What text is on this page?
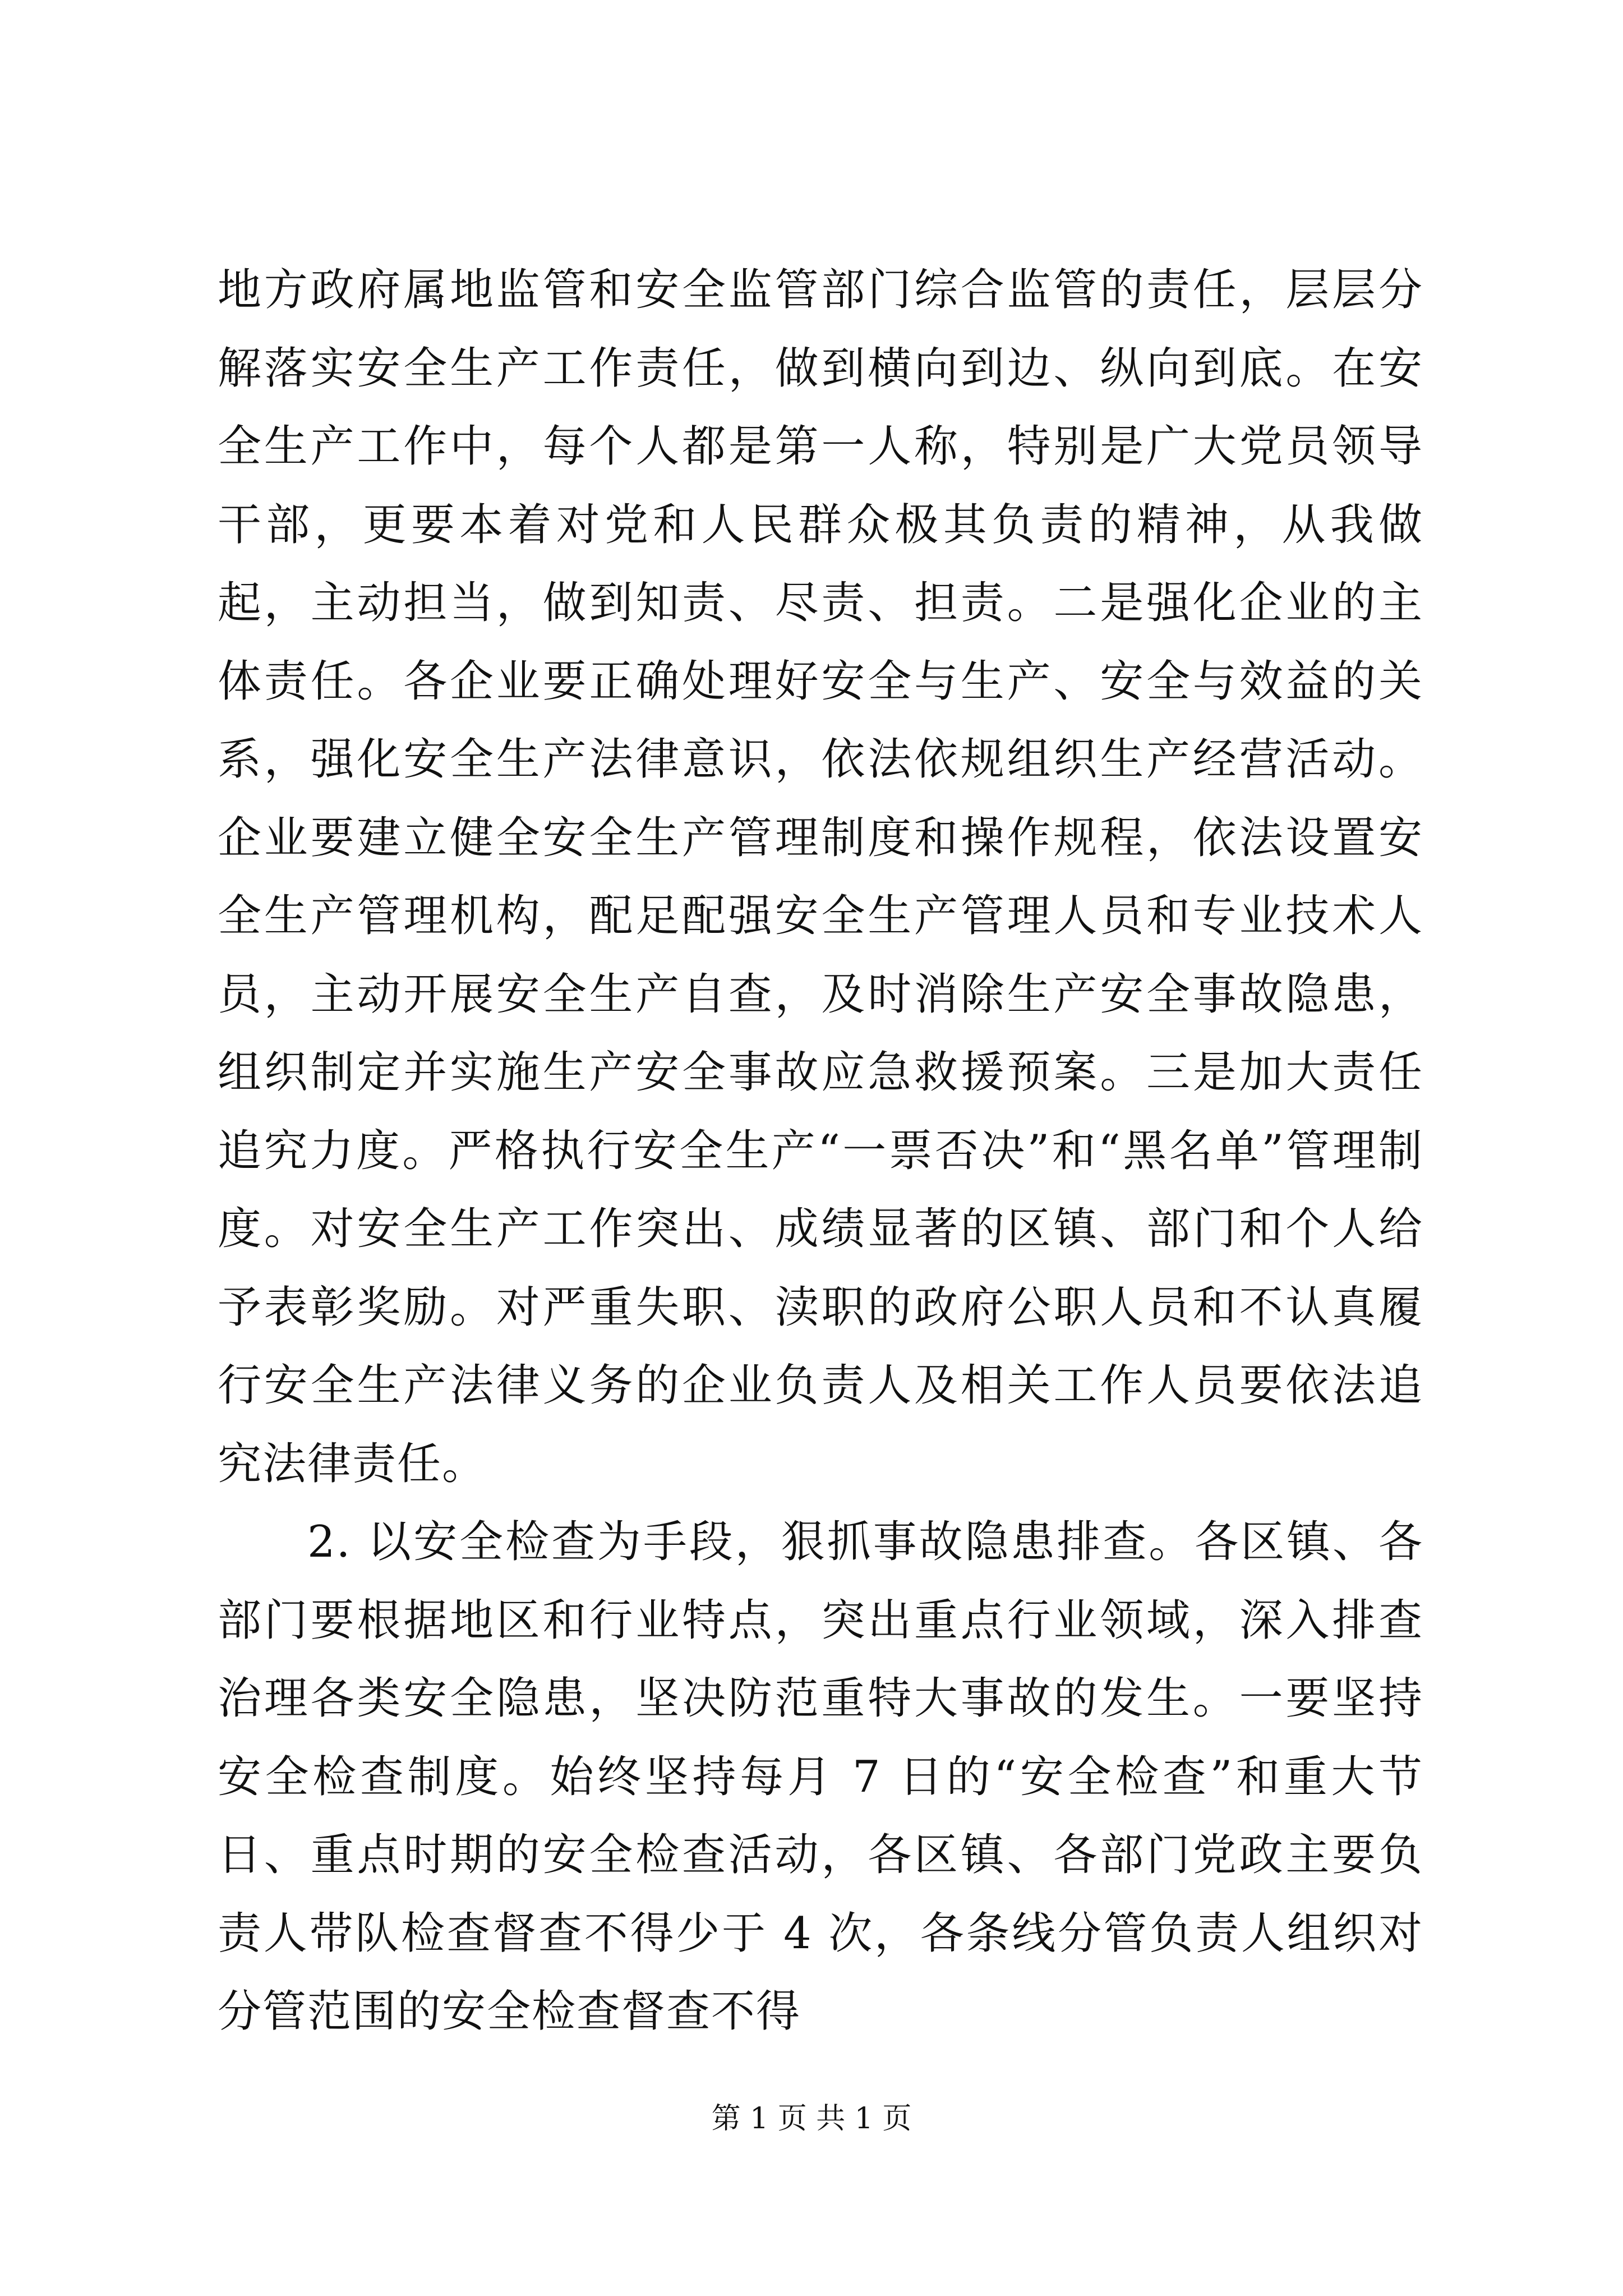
地方政府属地监管和安全监管部门综合监管的责任，层层分解落实安全生产工作责任，做到横向到边、纵向到底。在安全生产工作中，每个人都是第一人称，特别是广大党员领导干部，更要本着对党和人民群众极其负责的精神，从我做起，主动担当，做到知责、尽责、担责。二是强化企业的主体责任。各企业要正确处理好安全与生产、安全与效益的关系，强化安全生产法律意识，依法依规组织生产经营活动。企业要建立健全安全生产管理制度和操作规程，依法设置安全生产管理机构，配足配强安全生产管理人员和专业技术人员，主动开展安全生产自查，及时消除生产安全事故隐患，组织制定并实施生产安全事故应急救援预案。三是加大责任追究力度。严格执行安全生产“一票否决”和“黑名单”管理制度。对安全生产工作突出、成绩显著的区镇、部门和个人给予表彰奖励。对严重失职、渎职的政府公职人员和不认真履行安全生产法律义务的企业负责人及相关工作人员要依法追究法律责任。

2. 以安全检查为手段，狠抓事故隐患排查。各区镇、各部门要根据地区和行业特点，突出重点行业领域，深入排查治理各类安全隐患，坚决防范重特大事故的发生。一要坚持安全检查制度。始终坚持每月 7 日的“安全检查”和重大节日、重点时期的安全检查活动，各区镇、各部门党政主要负责人带队检查督查不得少于 4 次，各条线分管负责人组织对分管范围的安全检查督查不得

第 1 页 共 1 页
